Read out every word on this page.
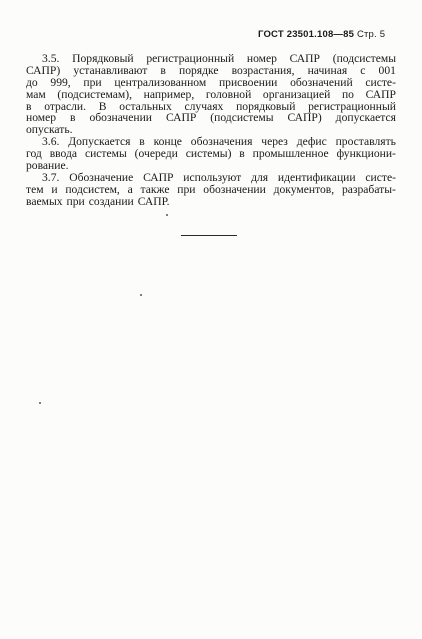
ГОСТ 23501.108—85 Стр. 5
3.5. Порядковый регистрационный номер САПР (подсистемы
САПР) устанавливают в порядке возрастания, начиная с 001
до 999, при централизованном присвоении обозначений систе-
мам (подсистемам), например, головной организацией по САПР
в отрасли. В остальных случаях порядковый регистрационный
номер в обозначении САПР (подсистемы САПР) допускается
опускать.
3.6. Допускается в конце обозначения через дефис проставлять
год ввода системы (очереди системы) в промышленное функциони-
рование.
3.7. Обозначение САПР используют для идентификации систе-
тем и подсистем, а также при обозначении документов, разрабаты-
ваемых при создании САПР.
